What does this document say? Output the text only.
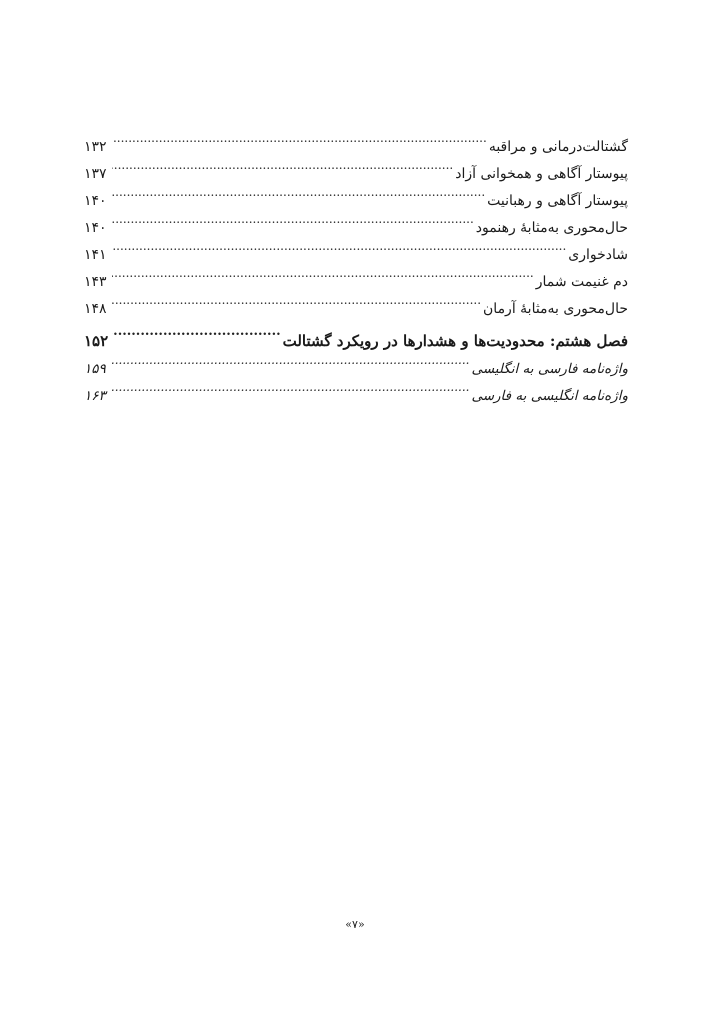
گشتالت‌درمانی و مراقبه
.....
۱۳۲
پیوستار آگاهی و همخوانی آزاد
.....
۱۳۷
پیوستار آگاهی و رهبانیت
.....
۱۴۰
حال‌محوری به‌مثابهٔ رهنمود
.....
۱۴۰
شادخواری
.....
۱۴۱
دم غنیمت شمار
.....
۱۴۳
حال‌محوری به‌مثابهٔ آرمان
.....
۱۴۸
فصل هشتم: محدودیت‌ها و هشدارها در رویکرد گشتالت
.....
۱۵۲
واژه‌نامه فارسی به انگلیسی
.....
۱۵۹
واژه‌نامه انگلیسی به فارسی
.....
۱۶۳
«۷»
